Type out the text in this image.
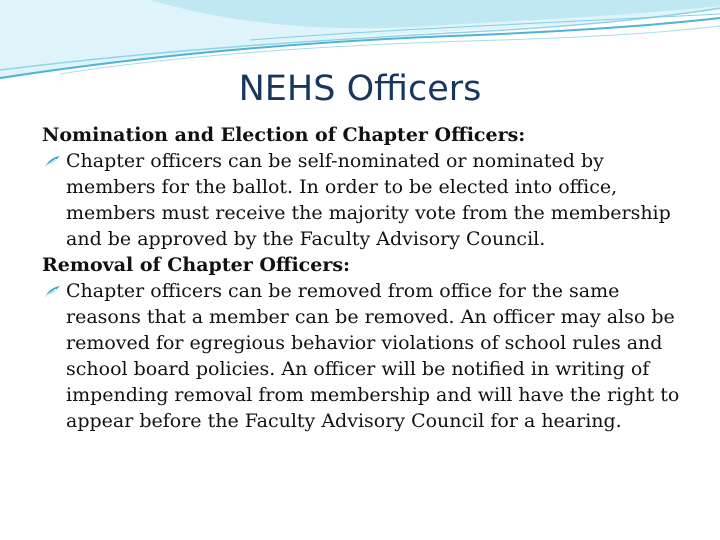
NEHS Officers

Nomination and Election of Chapter Officers:

Chapter officers can be self-nominated or nominated by members for the ballot. In order to be elected into office, members must receive the majority vote from the membership and be approved by the Faculty Advisory Council.

Removal of Chapter Officers:

Chapter officers can be removed from office for the same reasons that a member can be removed. An officer may also be removed for egregious behavior violations of school rules and school board policies. An officer will be notified in writing of impending removal from membership and will have the right to appear before the Faculty Advisory Council for a hearing.
